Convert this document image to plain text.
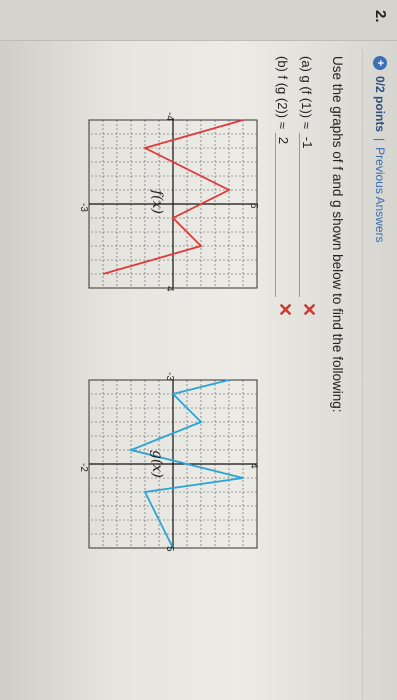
2.
+
0/2 points
|
Previous Answers
Use the graphs of f and g shown below to find the following:
(a) g (f (1)) ≈
-1
✕
(b) f (g (2)) ≈
2
✕
5
-4
4
-3	f(x)
4
-3
5
-2	g(x)
